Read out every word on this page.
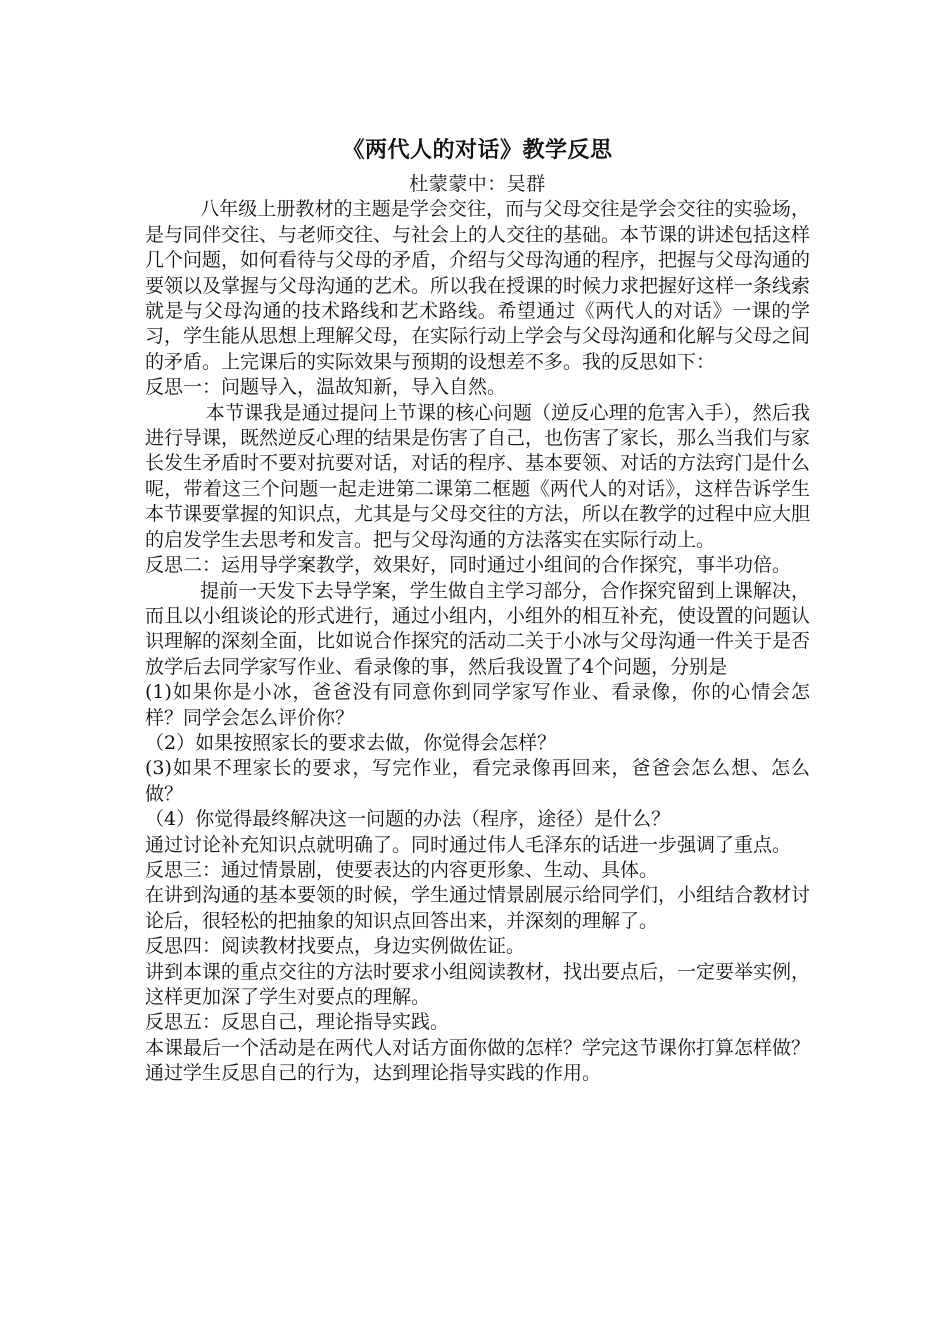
《两代人的对话》教学反思
杜蒙蒙中：吴群

八年级上册教材的主题是学会交往，而与父母交往是学会交往的实验场，是与同伴交往、与老师交往、与社会上的人交往的基础。本节课的讲述包括这样几个问题，如何看待与父母的矛盾，介绍与父母沟通的程序，把握与父母沟通的要领以及掌握与父母沟通的艺术。所以我在授课的时候力求把握好这样一条线索就是与父母沟通的技术路线和艺术路线。希望通过《两代人的对话》一课的学习，学生能从思想上理解父母，在实际行动上学会与父母沟通和化解与父母之间的矛盾。上完课后的实际效果与预期的设想差不多。我的反思如下：

反思一：问题导入，温故知新，导入自然。

本节课我是通过提问上节课的核心问题（逆反心理的危害入手），然后我进行导课，既然逆反心理的结果是伤害了自己，也伤害了家长，那么当我们与家长发生矛盾时不要对抗要对话，对话的程序、基本要领、对话的方法窍门是什么呢，带着这三个问题一起走进第二课第二框题《两代人的对话》，这样告诉学生本节课要掌握的知识点，尤其是与父母交往的方法，所以在教学的过程中应大胆的启发学生去思考和发言。把与父母沟通的方法落实在实际行动上。

反思二：运用导学案教学，效果好，同时通过小组间的合作探究，事半功倍。

提前一天发下去导学案，学生做自主学习部分，合作探究留到上课解决，而且以小组谈论的形式进行，通过小组内，小组外的相互补充，使设置的问题认识理解的深刻全面，比如说合作探究的活动二关于小冰与父母沟通一件关于是否放学后去同学家写作业、看录像的事，然后我设置了4个问题，分别是

(1)如果你是小冰，爸爸没有同意你到同学家写作业、看录像，你的心情会怎样？同学会怎么评价你？

（2）如果按照家长的要求去做，你觉得会怎样？

(3)如果不理家长的要求，写完作业，看完录像再回来，爸爸会怎么想、怎么做？

（4）你觉得最终解决这一问题的办法（程序，途径）是什么？

通过讨论补充知识点就明确了。同时通过伟人毛泽东的话进一步强调了重点。

反思三：通过情景剧，使要表达的内容更形象、生动、具体。

在讲到沟通的基本要领的时候，学生通过情景剧展示给同学们，小组结合教材讨论后，很轻松的把抽象的知识点回答出来，并深刻的理解了。

反思四：阅读教材找要点，身边实例做佐证。

讲到本课的重点交往的方法时要求小组阅读教材，找出要点后，一定要举实例，这样更加深了学生对要点的理解。

反思五：反思自己，理论指导实践。

本课最后一个活动是在两代人对话方面你做的怎样？学完这节课你打算怎样做？通过学生反思自己的行为，达到理论指导实践的作用。
